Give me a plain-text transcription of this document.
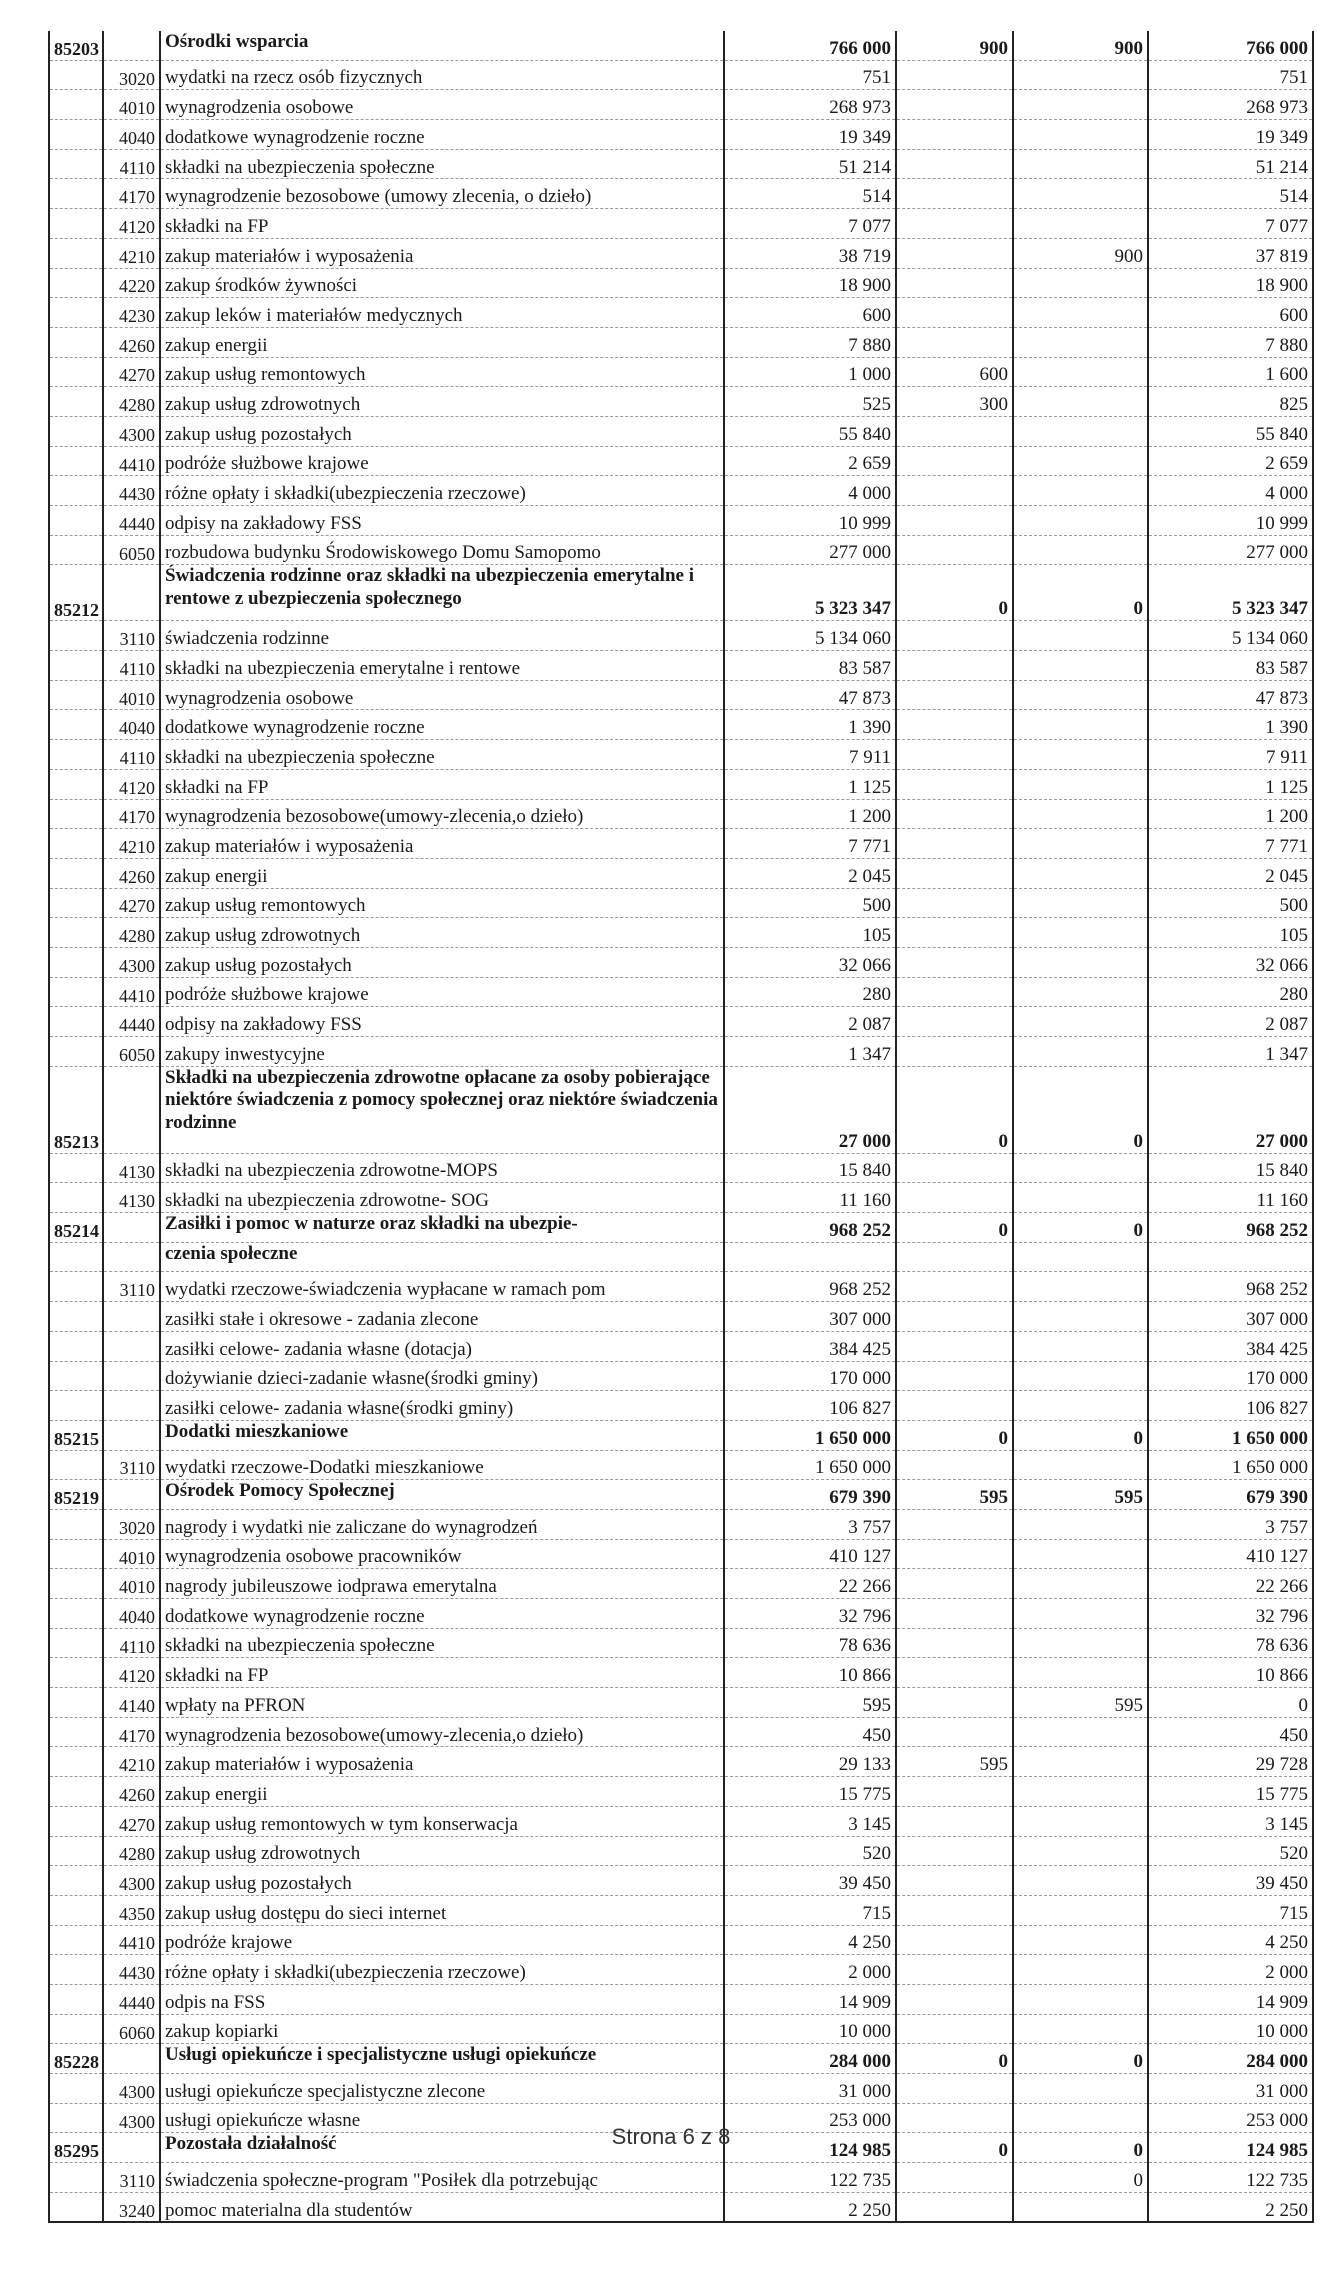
85203		Ośrodki wsparcia	766 000	900	900	766 000
	3020	wydatki na rzecz osób fizycznych	751			751
	4010	wynagrodzenia osobowe	268 973			268 973
	4040	dodatkowe wynagrodzenie roczne	19 349			19 349
	4110	składki na ubezpieczenia społeczne	51 214			51 214
	4170	wynagrodzenie bezosobowe (umowy zlecenia, o dzieło)	514			514
	4120	składki na FP	7 077			7 077
	4210	zakup materiałów i wyposażenia	38 719		900	37 819
	4220	zakup środków żywności	18 900			18 900
	4230	zakup leków i materiałów medycznych	600			600
	4260	zakup energii	7 880			7 880
	4270	zakup usług remontowych	1 000	600		1 600
	4280	zakup usług zdrowotnych	525	300		825
	4300	zakup usług pozostałych	55 840			55 840
	4410	podróże służbowe krajowe	2 659			2 659
	4430	różne opłaty i składki(ubezpieczenia rzeczowe)	4 000			4 000
	4440	odpisy na zakładowy FSS	10 999			10 999
	6050	rozbudowa budynku Środowiskowego Domu Samopomo	277 000			277 000
85212		Świadczenia rodzinne oraz składki na ubezpieczenia emerytalne i rentowe z ubezpieczenia społecznego	5 323 347	0	0	5 323 347
	3110	świadczenia rodzinne	5 134 060			5 134 060
	4110	składki na ubezpieczenia emerytalne i rentowe	83 587			83 587
	4010	wynagrodzenia osobowe	47 873			47 873
	4040	dodatkowe wynagrodzenie roczne	1 390			1 390
	4110	składki na ubezpieczenia społeczne	7 911			7 911
	4120	składki na FP	1 125			1 125
	4170	wynagrodzenia bezosobowe(umowy-zlecenia,o dzieło)	1 200			1 200
	4210	zakup materiałów i wyposażenia	7 771			7 771
	4260	zakup energii	2 045			2 045
	4270	zakup usług remontowych	500			500
	4280	zakup usług zdrowotnych	105			105
	4300	zakup usług pozostałych	32 066			32 066
	4410	podróże służbowe krajowe	280			280
	4440	odpisy na zakładowy FSS	2 087			2 087
	6050	zakupy inwestycyjne	1 347			1 347
85213		Składki na ubezpieczenia zdrowotne opłacane za osoby pobierające niektóre świadczenia z pomocy społecznej oraz niektóre świadczenia rodzinne	27 000	0	0	27 000
	4130	składki na ubezpieczenia zdrowotne-MOPS	15 840			15 840
	4130	składki na ubezpieczenia zdrowotne- SOG	11 160			11 160
85214		Zasiłki i pomoc w naturze oraz składki na ubezpie-	968 252	0	0	968 252
		czenia społeczne				
	3110	wydatki rzeczowe-świadczenia wypłacane w ramach pom	968 252			968 252
		zasiłki stałe i okresowe - zadania zlecone	307 000			307 000
		zasiłki celowe- zadania własne (dotacja)	384 425			384 425
		dożywianie dzieci-zadanie własne(środki gminy)	170 000			170 000
		zasiłki celowe- zadania własne(środki gminy)	106 827			106 827
85215		Dodatki mieszkaniowe	1 650 000	0	0	1 650 000
	3110	wydatki rzeczowe-Dodatki mieszkaniowe	1 650 000			1 650 000
85219		Ośrodek Pomocy Społecznej	679 390	595	595	679 390
	3020	nagrody i wydatki nie zaliczane do wynagrodzeń	3 757			3 757
	4010	wynagrodzenia osobowe pracowników	410 127			410 127
	4010	nagrody jubileuszowe iodprawa emerytalna	22 266			22 266
	4040	dodatkowe wynagrodzenie roczne	32 796			32 796
	4110	składki na ubezpieczenia społeczne	78 636			78 636
	4120	składki na FP	10 866			10 866
	4140	wpłaty na PFRON	595		595	0
	4170	wynagrodzenia bezosobowe(umowy-zlecenia,o dzieło)	450			450
	4210	zakup materiałów i wyposażenia	29 133	595		29 728
	4260	zakup energii	15 775			15 775
	4270	zakup usług remontowych w tym konserwacja	3 145			3 145
	4280	zakup usług zdrowotnych	520			520
	4300	zakup usług pozostałych	39 450			39 450
	4350	zakup usług dostępu do sieci internet	715			715
	4410	podróże krajowe	4 250			4 250
	4430	różne opłaty i składki(ubezpieczenia rzeczowe)	2 000			2 000
	4440	odpis na FSS	14 909			14 909
	6060	zakup kopiarki	10 000			10 000
85228		Usługi opiekuńcze i specjalistyczne usługi opiekuńcze	284 000	0	0	284 000
	4300	usługi opiekuńcze specjalistyczne zlecone	31 000			31 000
	4300	usługi opiekuńcze własne	253 000			253 000
85295		Pozostała działalność	124 985	0	0	124 985
	3110	świadczenia społeczne-program "Posiłek dla potrzebując	122 735		0	122 735
	3240	pomoc materialna dla studentów	2 250			2 250
Strona 6 z 8
